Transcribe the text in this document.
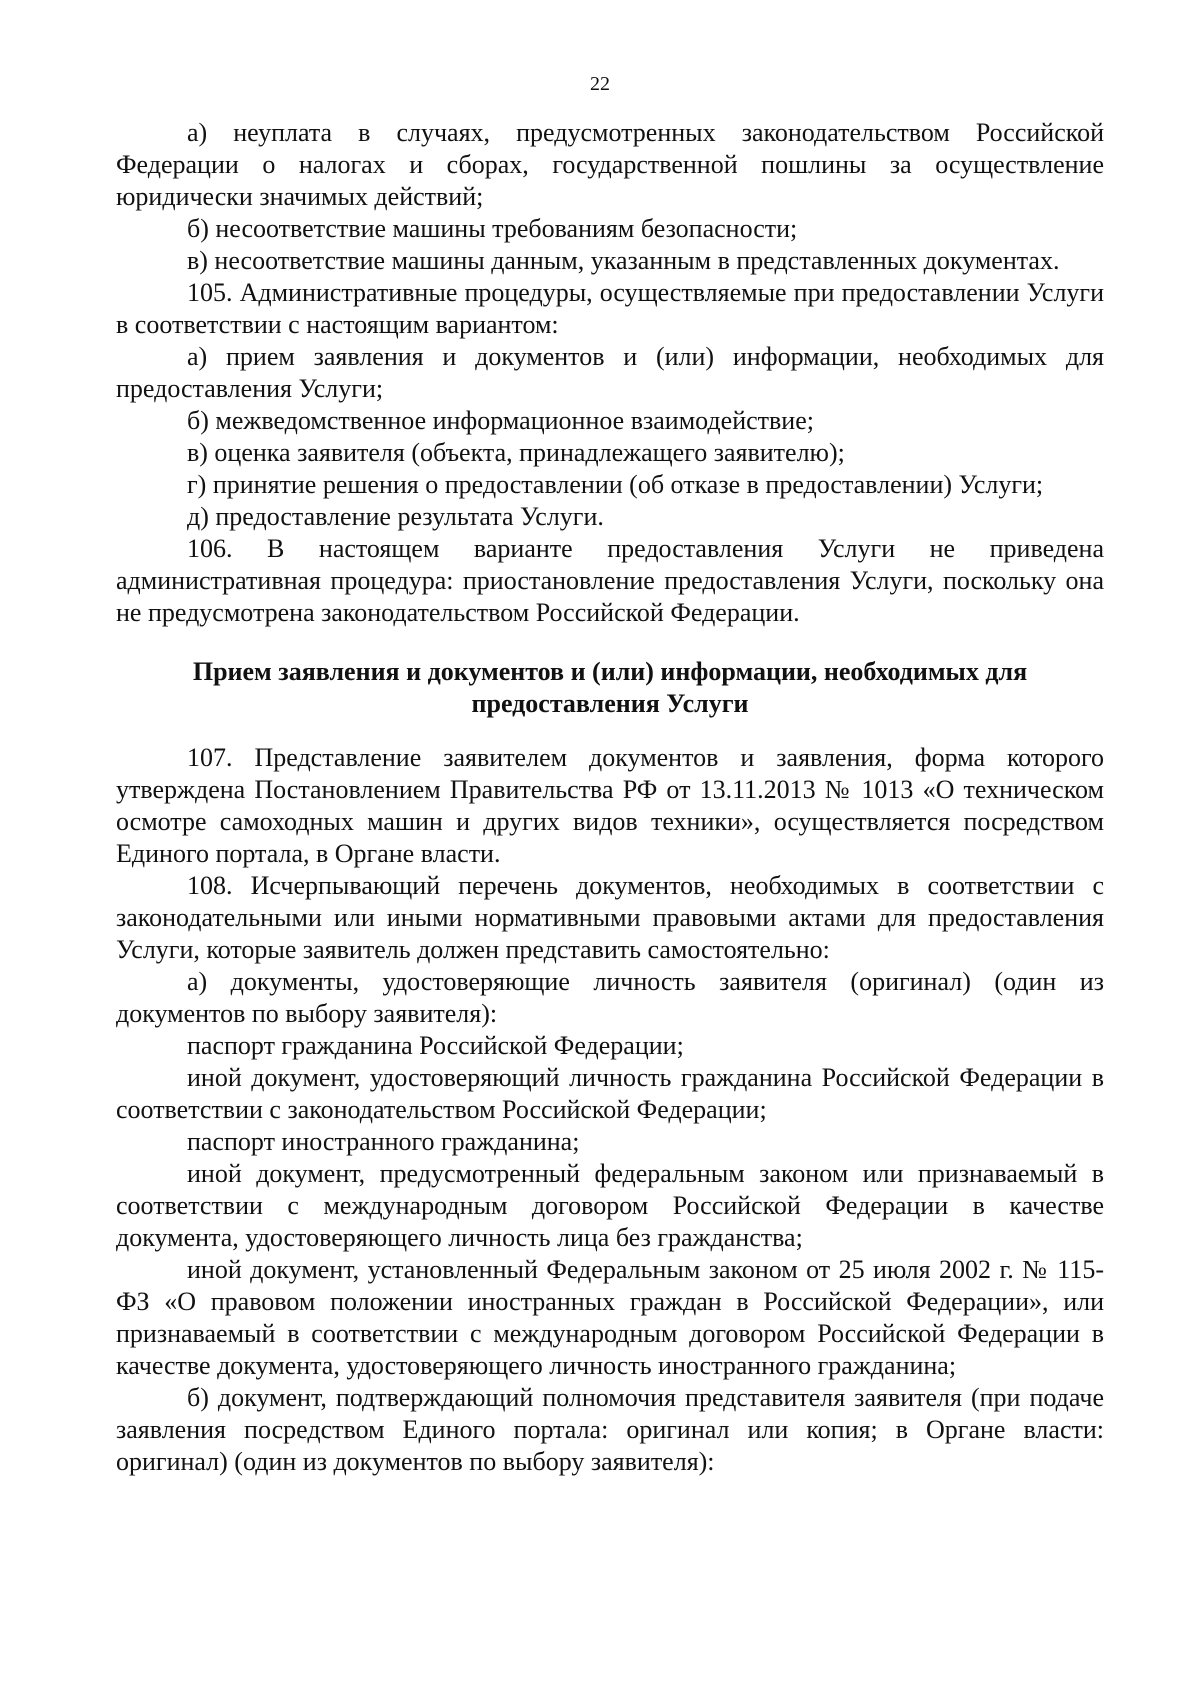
22

а) неуплата в случаях, предусмотренных законодательством Российской Федерации о налогах и сборах, государственной пошлины за осуществление юридически значимых действий;

б) несоответствие машины требованиям безопасности;

в) несоответствие машины данным, указанным в представленных документах.

105. Административные процедуры, осуществляемые при предоставлении Услуги в соответствии с настоящим вариантом:

а) прием заявления и документов и (или) информации, необходимых для предоставления Услуги;

б) межведомственное информационное взаимодействие;

в) оценка заявителя (объекта, принадлежащего заявителю);

г) принятие решения о предоставлении (об отказе в предоставлении) Услуги;

д) предоставление результата Услуги.

106. В настоящем варианте предоставления Услуги не приведена административная процедура: приостановление предоставления Услуги, поскольку она не предусмотрена законодательством Российской Федерации.

Прием заявления и документов и (или) информации, необходимых для
предоставления Услуги

107. Представление заявителем документов и заявления, форма которого утверждена Постановлением Правительства РФ от 13.11.2013 № 1013 «О техническом осмотре самоходных машин и других видов техники», осуществляется посредством Единого портала, в Органе власти.

108. Исчерпывающий перечень документов, необходимых в соответствии с законодательными или иными нормативными правовыми актами для предоставления Услуги, которые заявитель должен представить самостоятельно:

а) документы, удостоверяющие личность заявителя (оригинал) (один из документов по выбору заявителя):

паспорт гражданина Российской Федерации;

иной документ, удостоверяющий личность гражданина Российской Федерации в соответствии с законодательством Российской Федерации;

паспорт иностранного гражданина;

иной документ, предусмотренный федеральным законом или признаваемый в соответствии с международным договором Российской Федерации в качестве документа, удостоверяющего личность лица без гражданства;

иной документ, установленный Федеральным законом от 25 июля 2002 г. № 115-ФЗ «О правовом положении иностранных граждан в Российской Федерации», или признаваемый в соответствии с международным договором Российской Федерации в качестве документа, удостоверяющего личность иностранного гражданина;

б) документ, подтверждающий полномочия представителя заявителя (при подаче заявления посредством Единого портала: оригинал или копия; в Органе власти: оригинал) (один из документов по выбору заявителя):
